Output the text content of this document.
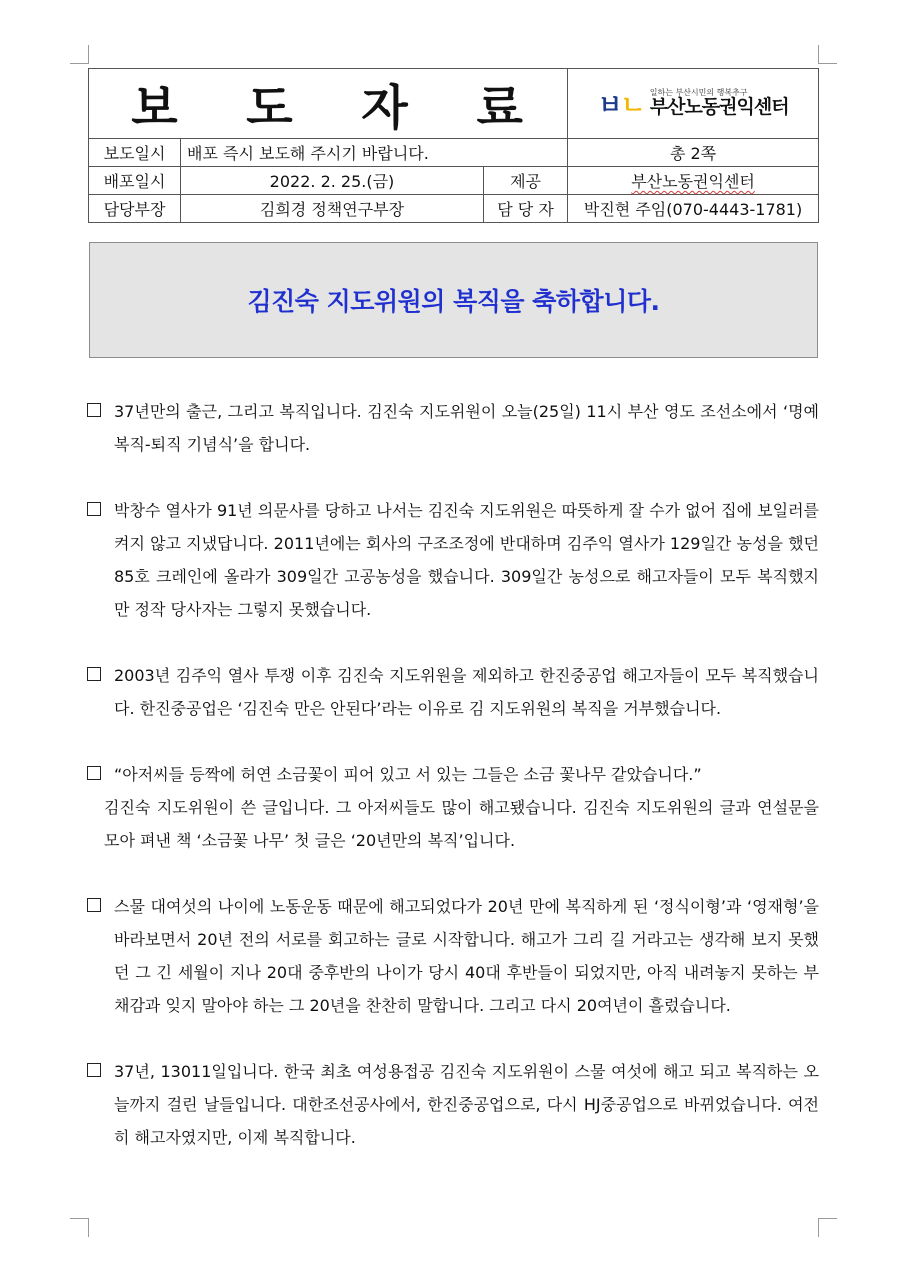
보 도 자 료			ㅂㄴ 일하는 부산시민의 행복추구
부산노동권익센터

보도일시	배포 즉시 보도해 주시기 바랍니다.		총 2쪽
배포일시	2022. 2. 25.(금)	제공	부산노동권익센터
담당부장	김희경 정책연구부장	담 당 자	박진현 주임(070-4443-1781)
김진숙 지도위원의 복직을 축하합니다.

37년만의 출근, 그리고 복직입니다. 김진숙 지도위원이 오늘(25일) 11시 부산 영도 조선소에서 ‘명예복직-퇴직 기념식’을 합니다.

박창수 열사가 91년 의문사를 당하고 나서는 김진숙 지도위원은 따뜻하게 잘 수가 없어 집에 보일러를 켜지 않고 지냈답니다. 2011년에는 회사의 구조조정에 반대하며 김주익 열사가 129일간 농성을 했던 85호 크레인에 올라가 309일간 고공농성을 했습니다. 309일간 농성으로 해고자들이 모두 복직했지만 정작 당사자는 그렇지 못했습니다.

2003년 김주익 열사 투쟁 이후 김진숙 지도위원을 제외하고 한진중공업 해고자들이 모두 복직했습니다. 한진중공업은 ‘김진숙 만은 안된다’라는 이유로 김 지도위원의 복직을 거부했습니다.

“아저씨들 등짝에 허연 소금꽃이 피어 있고 서 있는 그들은 소금 꽃나무 같았습니다.”

김진숙 지도위원이 쓴 글입니다. 그 아저씨들도 많이 해고됐습니다. 김진숙 지도위원의 글과 연설문을 모아 펴낸 책 ‘소금꽃 나무’ 첫 글은 ‘20년만의 복직’입니다.

스물 대여섯의 나이에 노동운동 때문에 해고되었다가 20년 만에 복직하게 된 ‘정식이형’과 ‘영재형’을 바라보면서 20년 전의 서로를 회고하는 글로 시작합니다. 해고가 그리 길 거라고는 생각해 보지 못했던 그 긴 세월이 지나 20대 중후반의 나이가 당시 40대 후반들이 되었지만, 아직 내려놓지 못하는 부채감과 잊지 말아야 하는 그 20년을 찬찬히 말합니다. 그리고 다시 20여년이 흘렀습니다.

37년, 13011일입니다. 한국 최초 여성용접공 김진숙 지도위원이 스물 여섯에 해고 되고 복직하는 오늘까지 걸린 날들입니다. 대한조선공사에서, 한진중공업으로, 다시 HJ중공업으로 바뀌었습니다. 여전히 해고자였지만, 이제 복직합니다.
